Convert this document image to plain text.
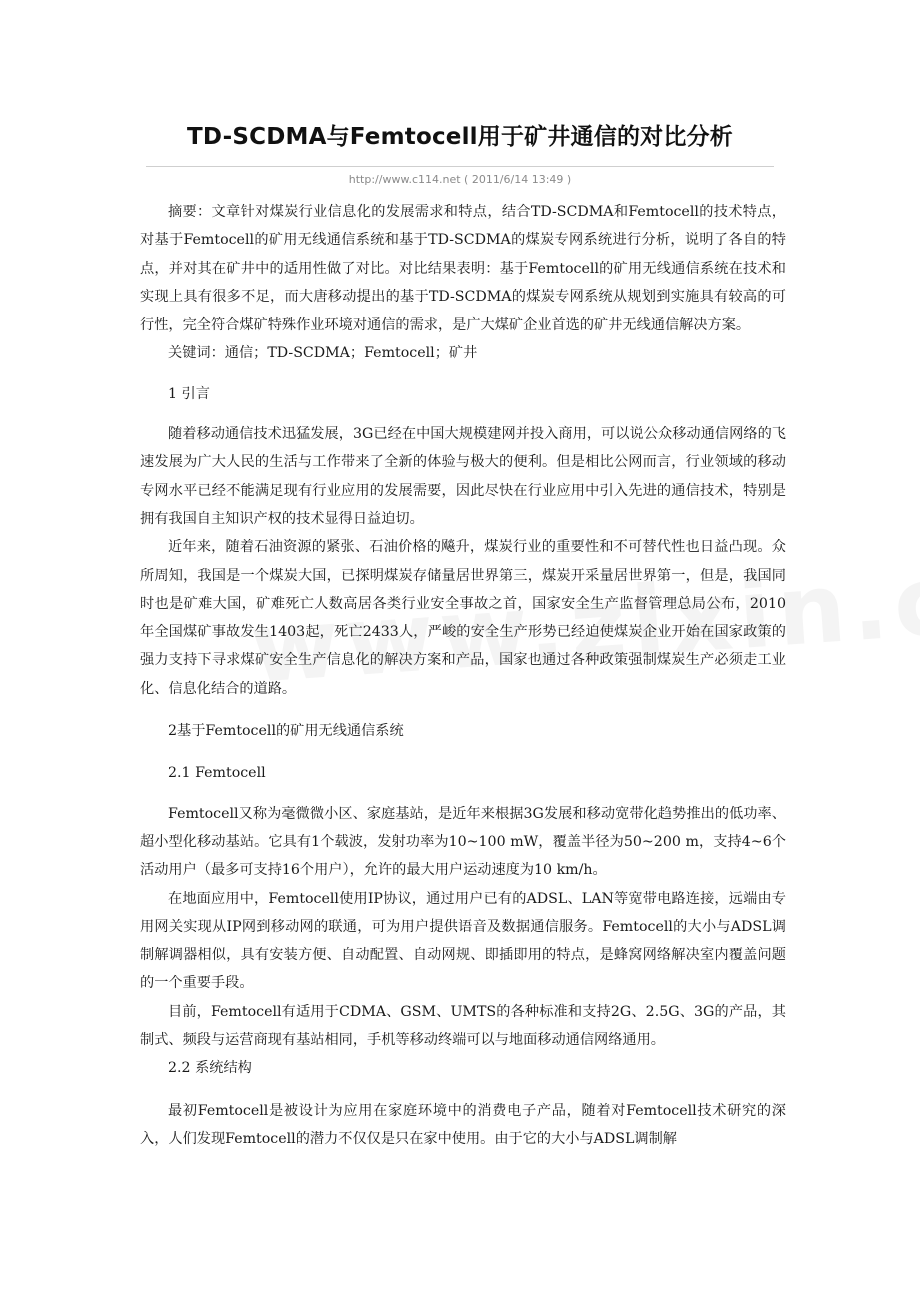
TD-SCDMA与Femtocell用于矿井通信的对比分析
http://www.c114.net ( 2011/6/14 13:49 )

摘要：文章针对煤炭行业信息化的发展需求和特点，结合TD-SCDMA和Femtocell的技术特点，对基于Femtocell的矿用无线通信系统和基于TD-SCDMA的煤炭专网系统进行分析，说明了各自的特点，并对其在矿井中的适用性做了对比。对比结果表明：基于Femtocell的矿用无线通信系统在技术和实现上具有很多不足，而大唐移动提出的基于TD-SCDMA的煤炭专网系统从规划到实施具有较高的可行性，完全符合煤矿特殊作业环境对通信的需求，是广大煤矿企业首选的矿井无线通信解决方案。

关键词：通信；TD-SCDMA；Femtocell；矿井

1 引言

随着移动通信技术迅猛发展，3G已经在中国大规模建网并投入商用，可以说公众移动通信网络的飞速发展为广大人民的生活与工作带来了全新的体验与极大的便利。但是相比公网而言，行业领域的移动专网水平已经不能满足现有行业应用的发展需要，因此尽快在行业应用中引入先进的通信技术，特别是拥有我国自主知识产权的技术显得日益迫切。

近年来，随着石油资源的紧张、石油价格的飚升，煤炭行业的重要性和不可替代性也日益凸现。众所周知，我国是一个煤炭大国，已探明煤炭存储量居世界第三，煤炭开采量居世界第一，但是，我国同时也是矿难大国，矿难死亡人数高居各类行业安全事故之首，国家安全生产监督管理总局公布，2010年全国煤矿事故发生1403起，死亡2433人，严峻的安全生产形势已经迫使煤炭企业开始在国家政策的强力支持下寻求煤矿安全生产信息化的解决方案和产品，国家也通过各种政策强制煤炭生产必须走工业化、信息化结合的道路。

2基于Femtocell的矿用无线通信系统

2.1 Femtocell

Femtocell又称为毫微微小区、家庭基站，是近年来根据3G发展和移动宽带化趋势推出的低功率、超小型化移动基站。它具有1个载波，发射功率为10~100 mW，覆盖半径为50~200 m，支持4~6个活动用户（最多可支持16个用户），允许的最大用户运动速度为10 km/h。

在地面应用中，Femtocell使用IP协议，通过用户已有的ADSL、LAN等宽带电路连接，远端由专用网关实现从IP网到移动网的联通，可为用户提供语音及数据通信服务。Femtocell的大小与ADSL调制解调器相似，具有安装方便、自动配置、自动网规、即插即用的特点，是蜂窝网络解决室内覆盖问题的一个重要手段。

目前，Femtocell有适用于CDMA、GSM、UMTS的各种标准和支持2G、2.5G、3G的产品，其制式、频段与运营商现有基站相同，手机等移动终端可以与地面移动通信网络通用。

2.2 系统结构

最初Femtocell是被设计为应用在家庭环境中的消费电子产品，随着对Femtocell技术研究的深入，人们发现Femtocell的潜力不仅仅是只在家中使用。由于它的大小与ADSL调制解
